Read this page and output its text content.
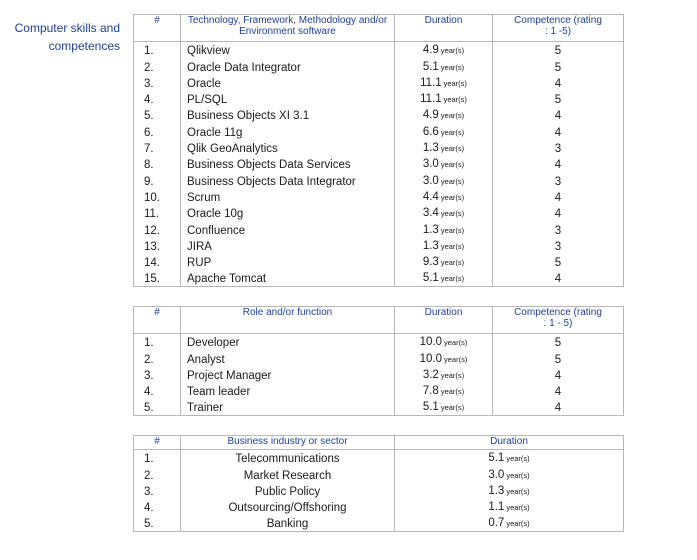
Computer skills and competences
#	Technology, Framework, Methodology and/or Environment software	Duration	Competence (rating : 1 -5)
1.	Qlikview	4.9 year(s)	5
2.	Oracle Data Integrator	5.1 year(s)	5
3.	Oracle	11.1 year(s)	4
4.	PL/SQL	11.1 year(s)	5
5.	Business Objects XI 3.1	4.9 year(s)	4
6.	Oracle 11g	6.6 year(s)	4
7.	Qlik GeoAnalytics	1.3 year(s)	3
8.	Business Objects Data Services	3.0 year(s)	4
9.	Business Objects Data Integrator	3.0 year(s)	3
10.	Scrum	4.4 year(s)	4
11.	Oracle 10g	3.4 year(s)	4
12.	Confluence	1.3 year(s)	3
13.	JIRA	1.3 year(s)	3
14.	RUP	9.3 year(s)	5
15.	Apache Tomcat	5.1 year(s)	4
#	Role and/or function	Duration	Competence (rating : 1 - 5)
1.	Developer	10.0 year(s)	5
2.	Analyst	10.0 year(s)	5
3.	Project Manager	3.2 year(s)	4
4.	Team leader	7.8 year(s)	4
5.	Trainer	5.1 year(s)	4
#	Business industry or sector	Duration
1.	Telecommunications	5.1 year(s)
2.	Market Research	3.0 year(s)
3.	Public Policy	1.3 year(s)
4.	Outsourcing/Offshoring	1.1 year(s)
5.	Banking	0.7 year(s)
